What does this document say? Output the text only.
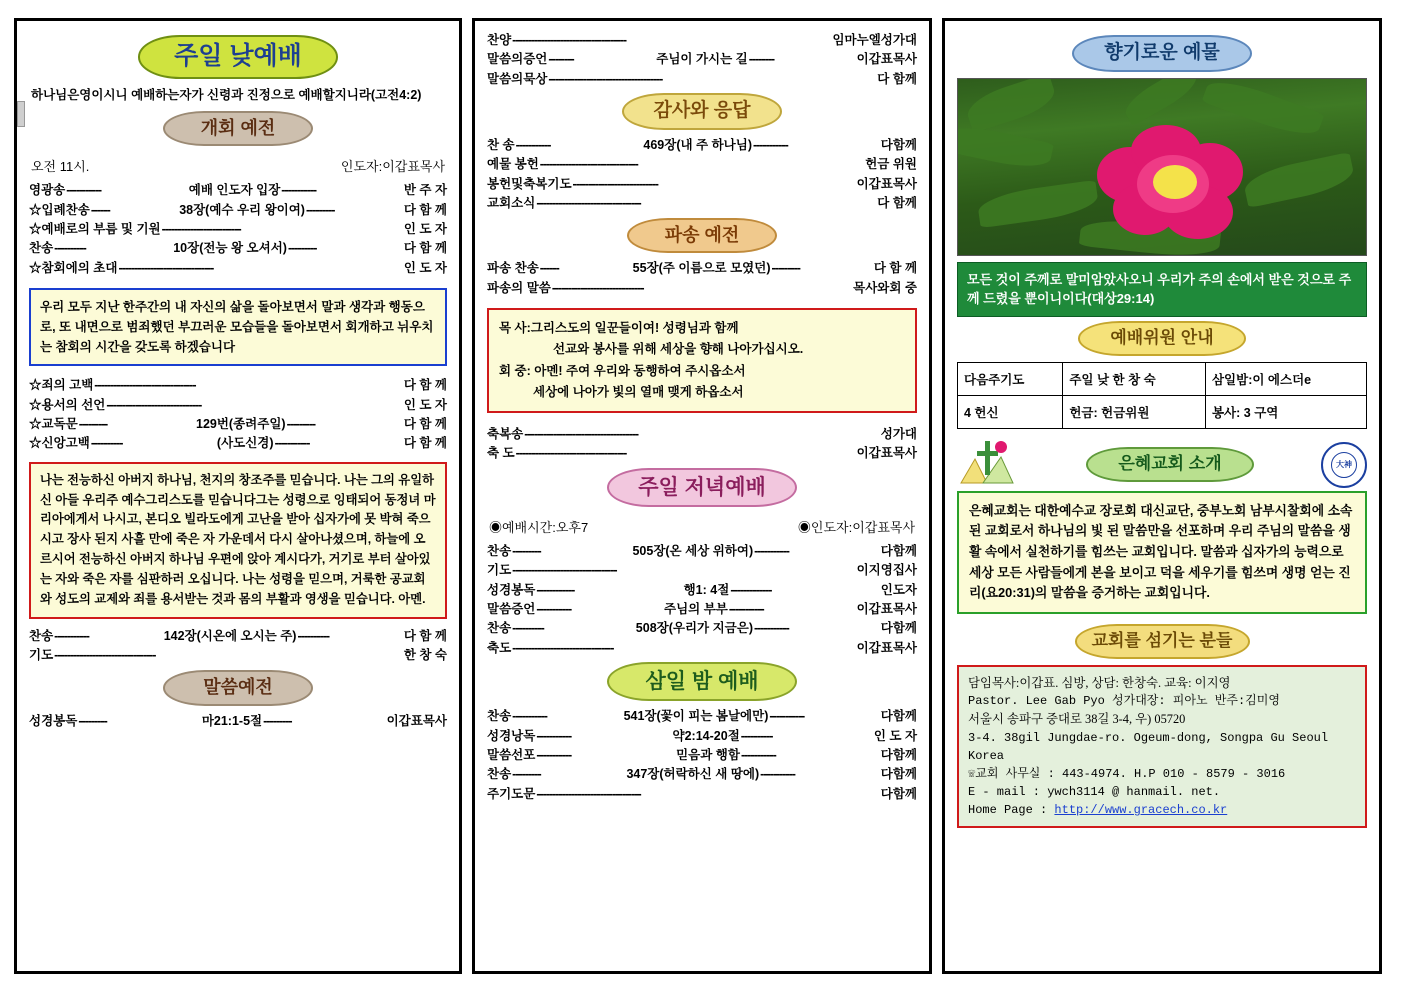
주일 낮예배
하나님은영이시니 예배하는자가 신령과 진정으로 예배할지니라(고전4:2)
개회 예전
오전 11시.	인도자:이갑표목사
영광송 -----------	예배 인도자 입장 -----------	반 주 자
☆입례찬송 ------	38장(예수 우리 왕이여) ---------	다 함 께
☆예배로의 부름 및 기원 -------------------------	인 도 자
찬송 ----------	10장(전능 왕 오셔서) ---------	다 함 께
☆참회에의 초대 ------------------------------	인 도 자
우리 모두 지난 한주간의 내 자신의 삶을 돌아보면서 말과 생각과 행동으로, 또 내면으로 범죄했던 부끄러운 모습들을 돌아보면서 회개하고 뉘우치는 참회의 시간을 갖도록 하겠습니다
☆죄의 고백 --------------------------------	다 함 께
☆용서의 선언 ------------------------------	인 도 자
☆교독문 ---------	129번(종려주일) ---------	다 함 께
☆신앙고백 ----------	(사도신경) -----------	다 함 께
나는 전능하신 아버지 하나님, 천지의 창조주를 믿습니다. 나는 그의 유일하신 아들 우리주 예수그리스도를 믿습니다그는 성령으로 잉태되어 동정녀 마리아에게서 나시고, 본디오 빌라도에게 고난을 받아 십자가에 못 박혀 죽으시고 장사 된지 사흘 만에 죽은 자 가운데서 다시 살아나셨으며, 하늘에 오르시어 전능하신 아버지 하나님 우편에 앉아 계시다가, 거기로 부터 살아있는 자와 죽은 자를 심판하러 오십니다. 나는 성령을 믿으며, 거룩한 공교회와 성도의 교제와 죄를 용서받는 것과 몸의 부활과 영생을 믿습니다. 아멘.
찬송 -----------	142장(시온에 오시는 주) ----------	다 함 께
기도 --------------------------------	한 창 숙
말씀예전
성경봉독 ---------	마21:1-5절 ---------	이갑표목사
찬양 ------------------------------------	임마누엘성가대
말씀의증언 --------	주님이 가시는 길 --------	이갑표목사
말씀의묵상 ------------------------------------	다 함께
감사와 응답
찬 송 -----------	469장(내 주 하나님) -----------	다함께
예물 봉헌 -------------------------------	헌금 위원
봉헌및축복기도 ---------------------------	이갑표목사
교회소식 ---------------------------------	다 함께
파송 예전
파송 찬송 ------	55장(주 이름으로 모였던) ---------	다 함 께
파송의 말씀 -----------------------------	목사와회 중
목 사:그리스도의 일꾼들이여! 성령님과 함께
선교와 봉사를 위해 세상을 향해 나아가십시오.
회 중: 아멘! 주여 우리와 동행하여 주시옵소서
세상에 나아가 빛의 열매 맺게 하옵소서
축복송 ------------------------------------	성가대
축 도 -----------------------------------	이갑표목사
주일 저녁예배
◉예배시간:오후7	◉인도자:이갑표목사
찬송 ---------	505장(온 세상 위하여) -----------	다함께
기도 ---------------------------------	이지영집사
성경봉독 ------------	행1: 4절 -------------	인도자
말씀증언 -----------	주님의 부부 -----------	이갑표목사
찬송 ----------	508장(우리가 지금은) -----------	다함께
축도 --------------------------------	이갑표목사
삼일 밤 예배
찬송 -----------	541장(꽃이 피는 봄날에만) -----------	다함께
성경낭독 -----------	약2:14-20절 ----------	인 도 자
말씀선포 -----------	믿음과 행함 -----------	다함께
찬송 ---------	347장(허락하신 새 땅에) -----------	다함께
주기도문 ---------------------------------	다함께
향기로운 예물
모든 것이 주께로 말미암았사오니 우리가 주의 손에서 받은 것으로 주께 드렸을 뿐이니이다(대상29:14)
예배위원 안내
다음주기도	주일 낮 한 창 숙	삼일밤:이 에스더e
4 헌신	헌금: 헌금위원	봉사: 3 구역
은혜교회 소개	大神
은혜교회는 대한예수교 장로회 대신교단, 중부노회 남부시찰회에 소속된 교회로서 하나님의 빛 된 말씀만을 선포하며 우리 주님의 말씀을 생활 속에서 실천하기를 힘쓰는 교회입니다. 말씀과 십자가의 능력으로 세상 모든 사람들에게 본을 보이고 덕을 세우기를 힘쓰며 생명 얻는 진리(요20:31)의 말씀을 증거하는 교회입니다.
교회를 섬기는 분들
담임목사:이갑표. 심방, 상담: 한창숙. 교육: 이지영
Pastor. Lee Gab Pyo 성가대장: 피아노 반주:김미영
서울시 송파구 중대로 38길 3-4, 우) 05720
3-4. 38gil Jungdae-ro. Ogeum-dong, Songpa Gu Seoul Korea
☏교회 사무실 : 443-4974. H.P 010 - 8579 - 3016
E - mail : ywch3114 @ hanmail. net.
Home Page : http://www.gracech.co.kr
